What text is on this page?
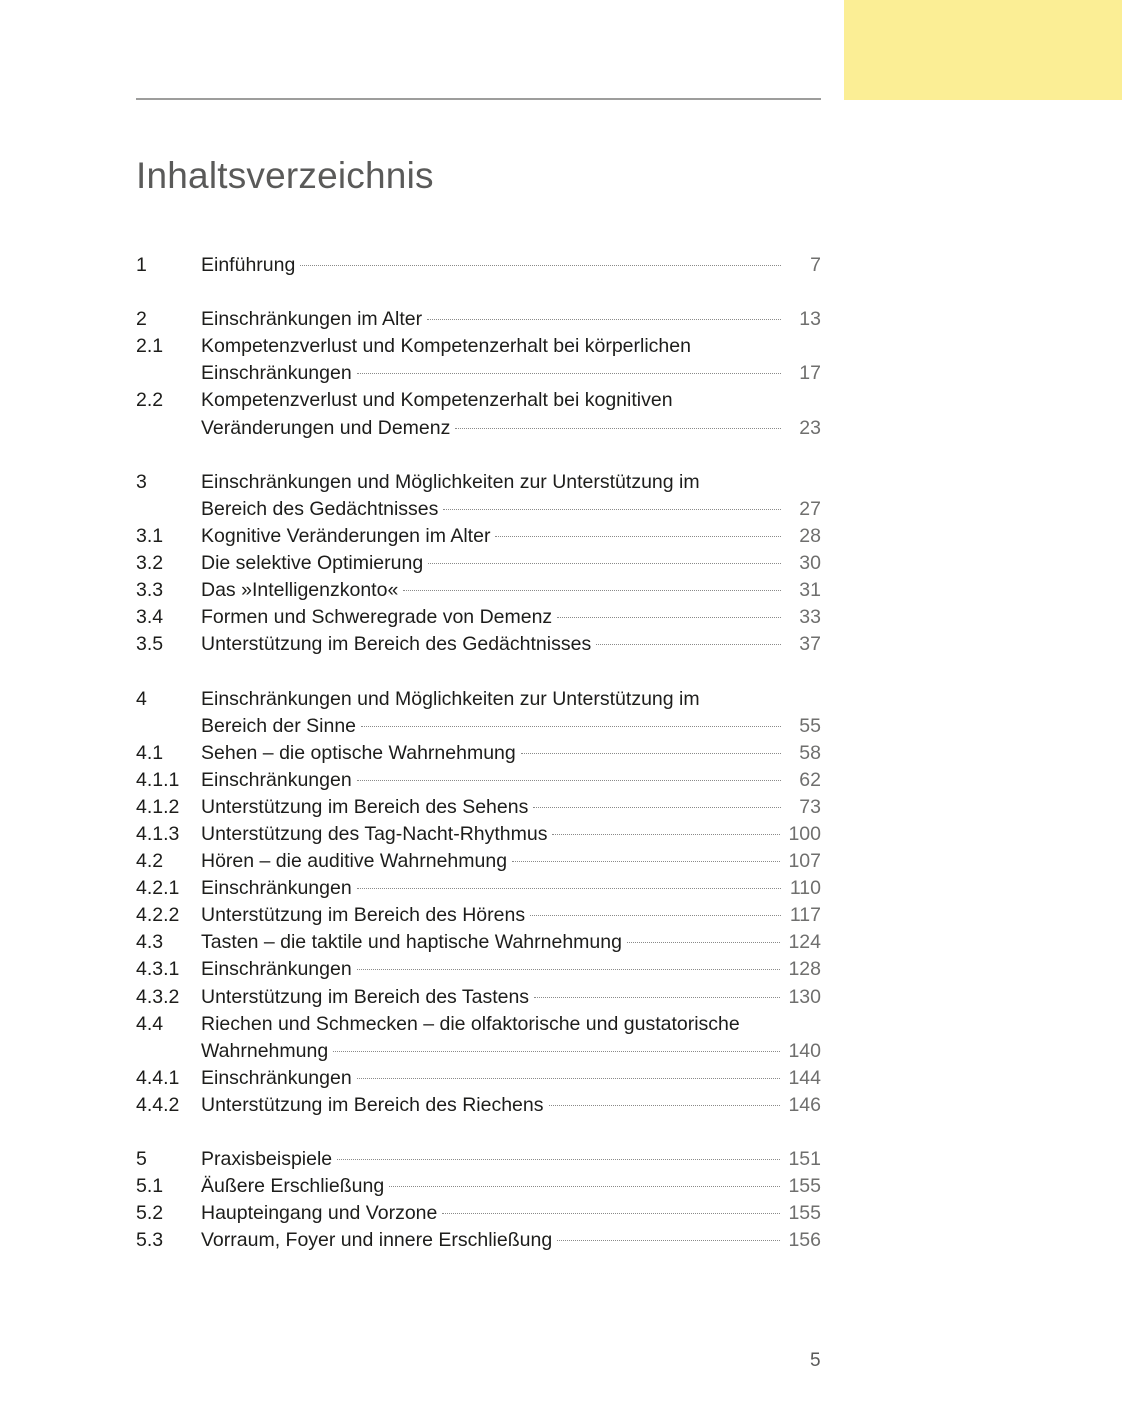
Inhaltsverzeichnis
1	Einführung	7
2	Einschränkungen im Alter	13
2.1 Kompetenzverlust und Kompetenzerhalt bei körperlichen
Einschränkungen	17
2.2 Kompetenzverlust und Kompetenzerhalt bei kognitiven
Veränderungen und Demenz	23
3	Einschränkungen und Möglichkeiten zur Unterstützung im
Bereich des Gedächtnisses	27
3.1 Kognitive Veränderungen im Alter	28
3.2 Die selektive Optimierung	30
3.3 Das »Intelligenzkonto«	31
3.4 Formen und Schweregrade von Demenz	33
3.5 Unterstützung im Bereich des Gedächtnisses	37
4	Einschränkungen und Möglichkeiten zur Unterstützung im
Bereich der Sinne	55
4.1 Sehen – die optische Wahrnehmung	58
4.1.1 Einschränkungen	62
4.1.2 Unterstützung im Bereich des Sehens	73
4.1.3 Unterstützung des Tag-Nacht-Rhythmus	100
4.2 Hören – die auditive Wahrnehmung	107
4.2.1 Einschränkungen	110
4.2.2 Unterstützung im Bereich des Hörens	117
4.3 Tasten – die taktile und haptische Wahrnehmung	124
4.3.1 Einschränkungen	128
4.3.2 Unterstützung im Bereich des Tastens	130
4.4 Riechen und Schmecken – die olfaktorische und gustatorische
Wahrnehmung	140
4.4.1 Einschränkungen	144
4.4.2 Unterstützung im Bereich des Riechens	146
5	Praxisbeispiele	151
5.1 Äußere Erschließung	155
5.2 Haupteingang und Vorzone	155
5.3 Vorraum, Foyer und innere Erschließung	156
5
